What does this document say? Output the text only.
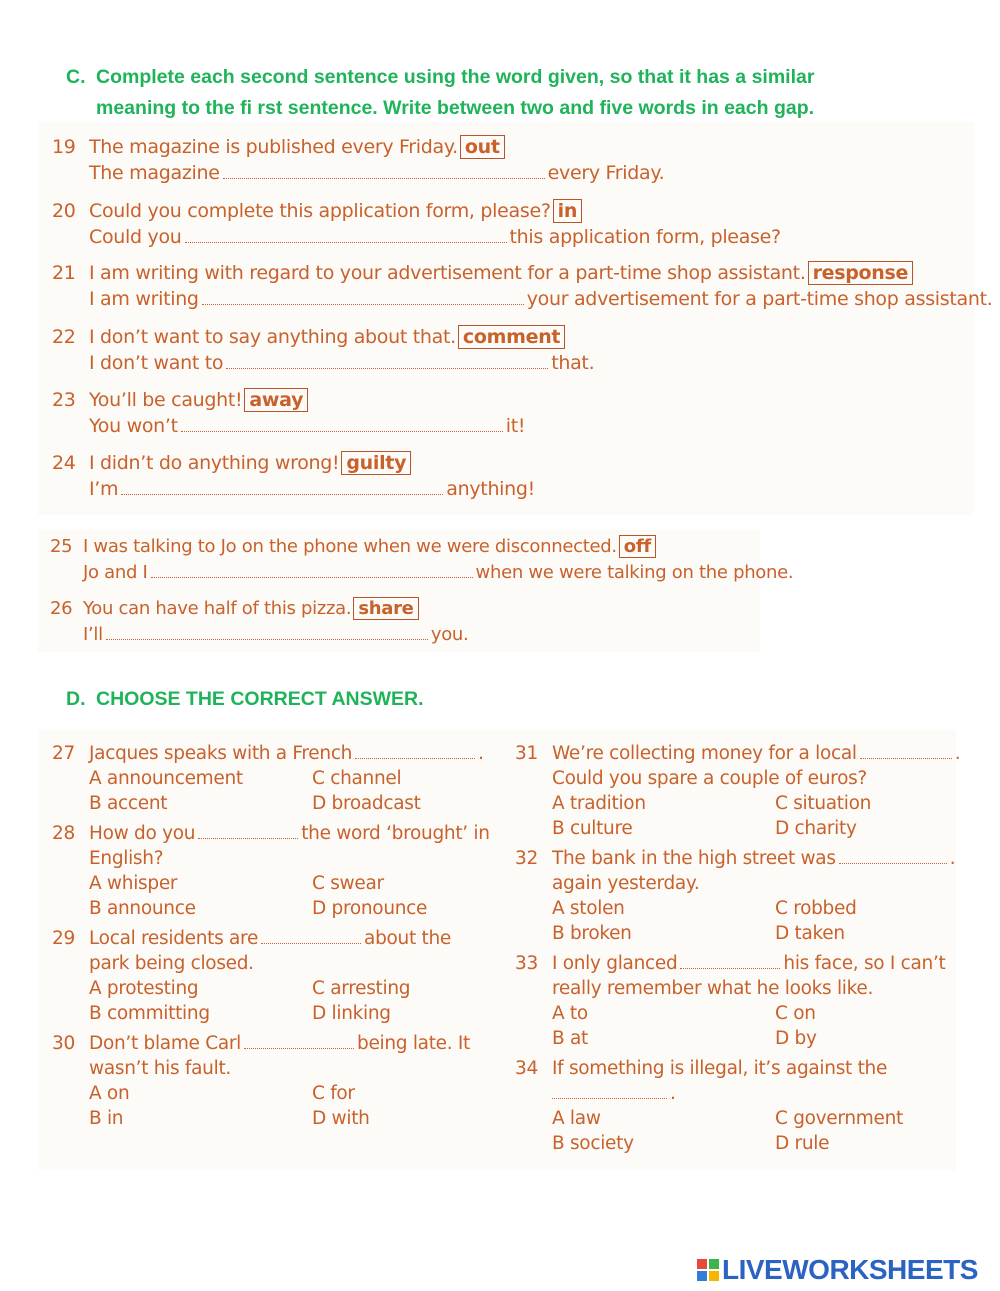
C. Complete each second sentence using the word given, so that it has a similar
meaning to the fi rst sentence. Write between two and five words in each gap.
19 The magazine is published every Friday. out
The magazine	every Friday.
20 Could you complete this application form, please? in
Could you	this application form, please?
21 I am writing with regard to your advertisement for a part-time shop assistant. response
I am writing	your advertisement for a part-time shop assistant.
22 I don’t want to say anything about that. comment
I don’t want to	that.
23 You’ll be caught! away
You won’t	it!
24 I didn’t do anything wrong! guilty
I’m	anything!
25 I was talking to Jo on the phone when we were disconnected. off
Jo and I	when we were talking on the phone.
26 You can have half of this pizza. share
I’ll	you.
D. CHOOSE THE CORRECT ANSWER.
27 Jacques speaks with a French	.
A announcement	C channel
B accent	D broadcast
28 How do you	the word ‘brought’ in
English?
A whisper	C swear
B announce	D pronounce
29 Local residents are	about the
park being closed.
A protesting	C arresting
B committing	D linking
30 Don’t blame Carl	being late. It
wasn’t his fault.
A on	C for
B in	D with
31 We’re collecting money for a local	.
Could you spare a couple of euros?
A tradition	C situation
B culture	D charity
32 The bank in the high street was	.
again yesterday.
A stolen	C robbed
B broken	D taken
33 I only glanced	his face, so I can’t
really remember what he looks like.
A to	C on
B at	D by
34 If something is illegal, it’s against the
.
A law	C government
B society	D rule
LIVEWORKSHEETS
